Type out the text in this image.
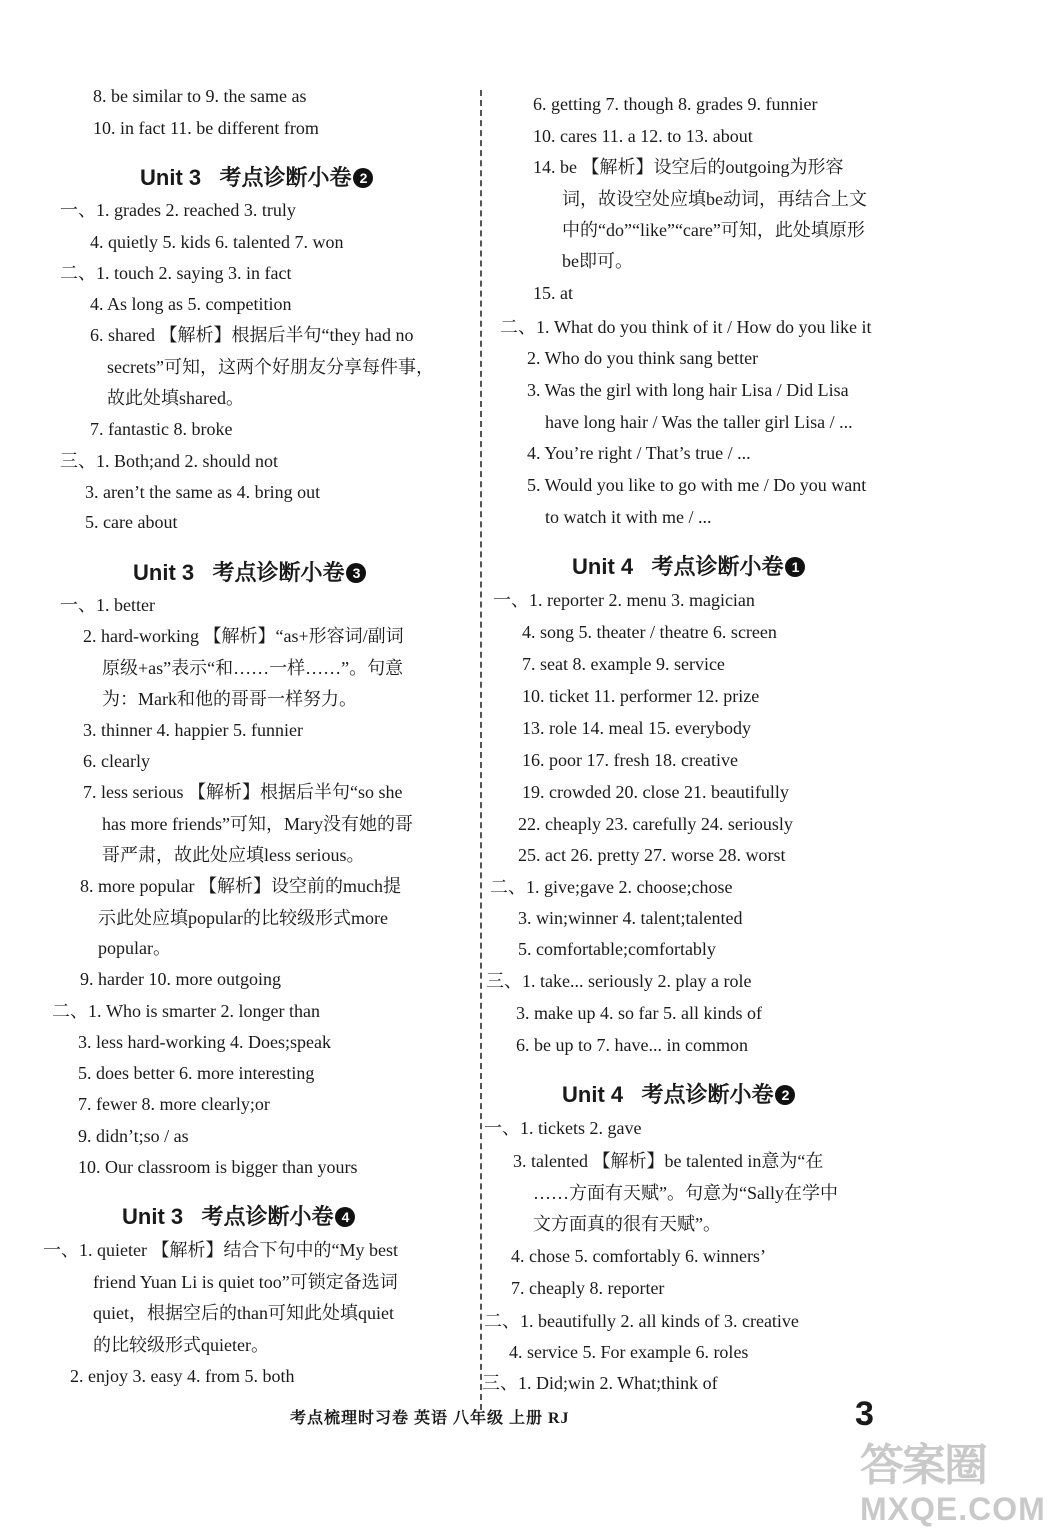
8. be similar to 9. the same as
10. in fact 11. be different from
Unit 3 考点诊断小卷 2
一、1. grades 2. reached 3. truly
4. quietly 5. kids 6. talented 7. won
二、1. touch 2. saying 3. in fact
4. As long as 5. competition
6. shared 【解析】根据后半句“they had no
secrets”可知，这两个好朋友分享每件事，
故此处填shared。
7. fantastic 8. broke
三、1. Both;and 2. should not
3. aren’t the same as 4. bring out
5. care about
Unit 3 考点诊断小卷 3
一、1. better
2. hard-working 【解析】“as+形容词/副词
原级+as”表示“和……一样……”。句意
为：Mark和他的哥哥一样努力。
3. thinner 4. happier 5. funnier
6. clearly
7. less serious 【解析】根据后半句“so she
has more friends”可知，Mary没有她的哥
哥严肃，故此处应填less serious。
8. more popular 【解析】设空前的much提
示此处应填popular的比较级形式more
popular。
9. harder 10. more outgoing
二、1. Who is smarter 2. longer than
3. less hard-working 4. Does;speak
5. does better 6. more interesting
7. fewer 8. more clearly;or
9. didn’t;so / as
10. Our classroom is bigger than yours
Unit 3 考点诊断小卷 4
一、1. quieter 【解析】结合下句中的“My best
friend Yuan Li is quiet too”可锁定备选词
quiet，根据空后的than可知此处填quiet
的比较级形式quieter。
2. enjoy 3. easy 4. from 5. both
6. getting 7. though 8. grades 9. funnier
10. cares 11. a 12. to 13. about
14. be 【解析】设空后的outgoing为形容
词，故设空处应填be动词，再结合上文
中的“do”“like”“care”可知，此处填原形
be即可。
15. at
二、1. What do you think of it / How do you like it
2. Who do you think sang better
3. Was the girl with long hair Lisa / Did Lisa
have long hair / Was the taller girl Lisa / ...
4. You’re right / That’s true / ...
5. Would you like to go with me / Do you want
to watch it with me / ...
Unit 4 考点诊断小卷 1
一、1. reporter 2. menu 3. magician
4. song 5. theater / theatre 6. screen
7. seat 8. example 9. service
10. ticket 11. performer 12. prize
13. role 14. meal 15. everybody
16. poor 17. fresh 18. creative
19. crowded 20. close 21. beautifully
22. cheaply 23. carefully 24. seriously
25. act 26. pretty 27. worse 28. worst
二、1. give;gave 2. choose;chose
3. win;winner 4. talent;talented
5. comfortable;comfortably
三、1. take... seriously 2. play a role
3. make up 4. so far 5. all kinds of
6. be up to 7. have... in common
Unit 4 考点诊断小卷 2
一、1. tickets 2. gave
3. talented 【解析】be talented in意为“在
……方面有天赋”。句意为“Sally在学中
文方面真的很有天赋”。
4. chose 5. comfortably 6. winners’
7. cheaply 8. reporter
二、1. beautifully 2. all kinds of 3. creative
4. service 5. For example 6. roles
三、1. Did;win 2. What;think of
考点梳理时习卷 英语 八年级 上册 RJ	3
答案圈
MXQE.COM
